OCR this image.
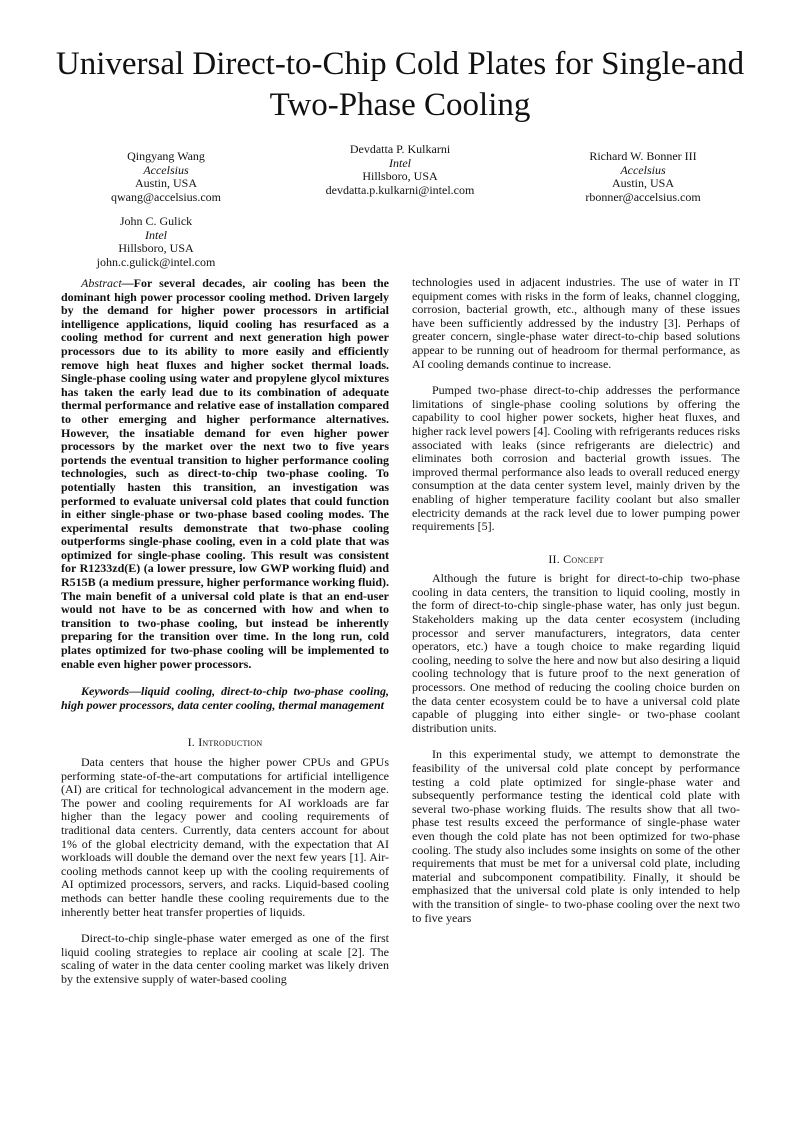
Universal Direct-to-Chip Cold Plates for Single-and Two-Phase Cooling
Qingyang Wang
Accelsius
Austin, USA
qwang@accelsius.com
Devdatta P. Kulkarni
Intel
Hillsboro, USA
devdatta.p.kulkarni@intel.com
Richard W. Bonner III
Accelsius
Austin, USA
rbonner@accelsius.com
John C. Gulick
Intel
Hillsboro, USA
john.c.gulick@intel.com

Abstract—For several decades, air cooling has been the dominant high power processor cooling method. Driven largely by the demand for higher power processors in artificial intelligence applications, liquid cooling has resurfaced as a cooling method for current and next generation high power processors due to its ability to more easily and efficiently remove high heat fluxes and higher socket thermal loads. Single-phase cooling using water and propylene glycol mixtures has taken the early lead due to its combination of adequate thermal performance and relative ease of installation compared to other emerging and higher performance alternatives. However, the insatiable demand for even higher power processors by the market over the next two to five years portends the eventual transition to higher performance cooling technologies, such as direct-to-chip two-phase cooling. To potentially hasten this transition, an investigation was performed to evaluate universal cold plates that could function in either single-phase or two-phase based cooling modes. The experimental results demonstrate that two-phase cooling outperforms single-phase cooling, even in a cold plate that was optimized for single-phase cooling. This result was consistent for R1233zd(E) (a lower pressure, low GWP working fluid) and R515B (a medium pressure, higher performance working fluid). The main benefit of a universal cold plate is that an end-user would not have to be as concerned with how and when to transition to two-phase cooling, but instead be inherently preparing for the transition over time. In the long run, cold plates optimized for two-phase cooling will be implemented to enable even higher power processors.

Keywords—liquid cooling, direct-to-chip two-phase cooling, high power processors, data center cooling, thermal management

I. Introduction

Data centers that house the higher power CPUs and GPUs performing state-of-the-art computations for artificial intelligence (AI) are critical for technological advancement in the modern age. The power and cooling requirements for AI workloads are far higher than the legacy power and cooling requirements of traditional data centers. Currently, data centers account for about 1% of the global electricity demand, with the expectation that AI workloads will double the demand over the next few years [1]. Air-cooling methods cannot keep up with the cooling requirements of AI optimized processors, servers, and racks. Liquid-based cooling methods can better handle these cooling requirements due to the inherently better heat transfer properties of liquids.

Direct-to-chip single-phase water emerged as one of the first liquid cooling strategies to replace air cooling at scale [2]. The scaling of water in the data center cooling market was likely driven by the extensive supply of water-based cooling

technologies used in adjacent industries. The use of water in IT equipment comes with risks in the form of leaks, channel clogging, corrosion, bacterial growth, etc., although many of these issues have been sufficiently addressed by the industry [3]. Perhaps of greater concern, single-phase water direct-to-chip based solutions appear to be running out of headroom for thermal performance, as AI cooling demands continue to increase.

Pumped two-phase direct-to-chip addresses the performance limitations of single-phase cooling solutions by offering the capability to cool higher power sockets, higher heat fluxes, and higher rack level powers [4]. Cooling with refrigerants reduces risks associated with leaks (since refrigerants are dielectric) and eliminates both corrosion and bacterial growth issues. The improved thermal performance also leads to overall reduced energy consumption at the data center system level, mainly driven by the enabling of higher temperature facility coolant but also smaller electricity demands at the rack level due to lower pumping power requirements [5].

II. Concept

Although the future is bright for direct-to-chip two-phase cooling in data centers, the transition to liquid cooling, mostly in the form of direct-to-chip single-phase water, has only just begun. Stakeholders making up the data center ecosystem (including processor and server manufacturers, integrators, data center operators, etc.) have a tough choice to make regarding liquid cooling, needing to solve the here and now but also desiring a liquid cooling technology that is future proof to the next generation of processors. One method of reducing the cooling choice burden on the data center ecosystem could be to have a universal cold plate capable of plugging into either single- or two-phase coolant distribution units.

In this experimental study, we attempt to demonstrate the feasibility of the universal cold plate concept by performance testing a cold plate optimized for single-phase water and subsequently performance testing the identical cold plate with several two-phase working fluids. The results show that all two-phase test results exceed the performance of single-phase water even though the cold plate has not been optimized for two-phase cooling. The study also includes some insights on some of the other requirements that must be met for a universal cold plate, including material and subcomponent compatibility. Finally, it should be emphasized that the universal cold plate is only intended to help with the transition of single- to two-phase cooling over the next two to five years
